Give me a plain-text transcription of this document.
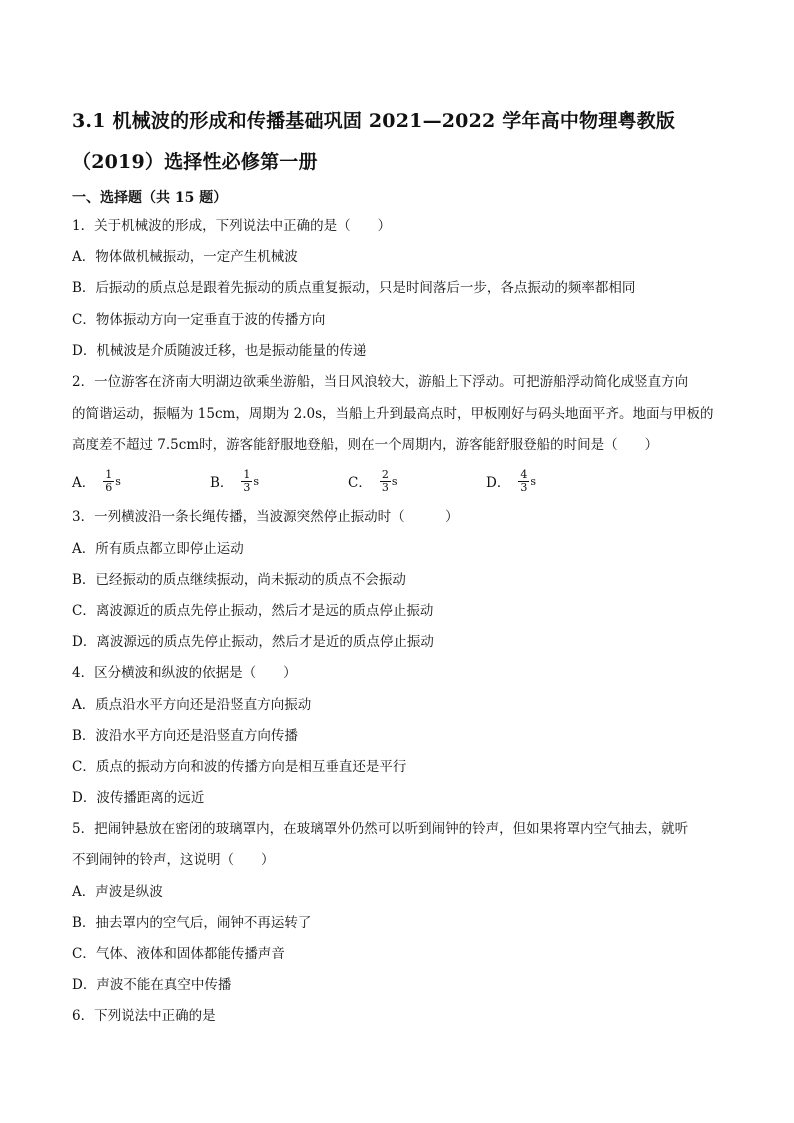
3.1 机械波的形成和传播基础巩固 2021—2022 学年高中物理粤教版
（2019）选择性必修第一册
一、选择题（共 15 题）
1．关于机械波的形成，下列说法中正确的是（　　）
A．物体做机械振动，一定产生机械波
B．后振动的质点总是跟着先振动的质点重复振动，只是时间落后一步，各点振动的频率都相同
C．物体振动方向一定垂直于波的传播方向
D．机械波是介质随波迁移，也是振动能量的传递
2．一位游客在济南大明湖边欲乘坐游船，当日风浪较大，游船上下浮动。可把游船浮动简化成竖直方向
的简谐运动，振幅为 15cm，周期为 2.0s，当船上升到最高点时，甲板刚好与码头地面平齐。地面与甲板的
高度差不超过 7.5cm时，游客能舒服地登船，则在一个周期内，游客能舒服登船的时间是（　　）
A． $\frac{1}{6}$ s	B． $\frac{1}{3}$ s	C． $\frac{2}{3}$ s	D． $\frac{4}{3}$ s
3．一列横波沿一条长绳传播，当波源突然停止振动时（　　　）
A．所有质点都立即停止运动
B．已经振动的质点继续振动，尚未振动的质点不会振动
C．离波源近的质点先停止振动，然后才是远的质点停止振动
D．离波源远的质点先停止振动，然后才是近的质点停止振动
4．区分横波和纵波的依据是（　　）
A．质点沿水平方向还是沿竖直方向振动
B．波沿水平方向还是沿竖直方向传播
C．质点的振动方向和波的传播方向是相互垂直还是平行
D．波传播距离的远近
5．把闹钟悬放在密闭的玻璃罩内，在玻璃罩外仍然可以听到闹钟的铃声，但如果将罩内空气抽去，就听
不到闹钟的铃声，这说明（　　）
A．声波是纵波
B．抽去罩内的空气后，闹钟不再运转了
C．气体、液体和固体都能传播声音
D．声波不能在真空中传播
6．下列说法中正确的是
